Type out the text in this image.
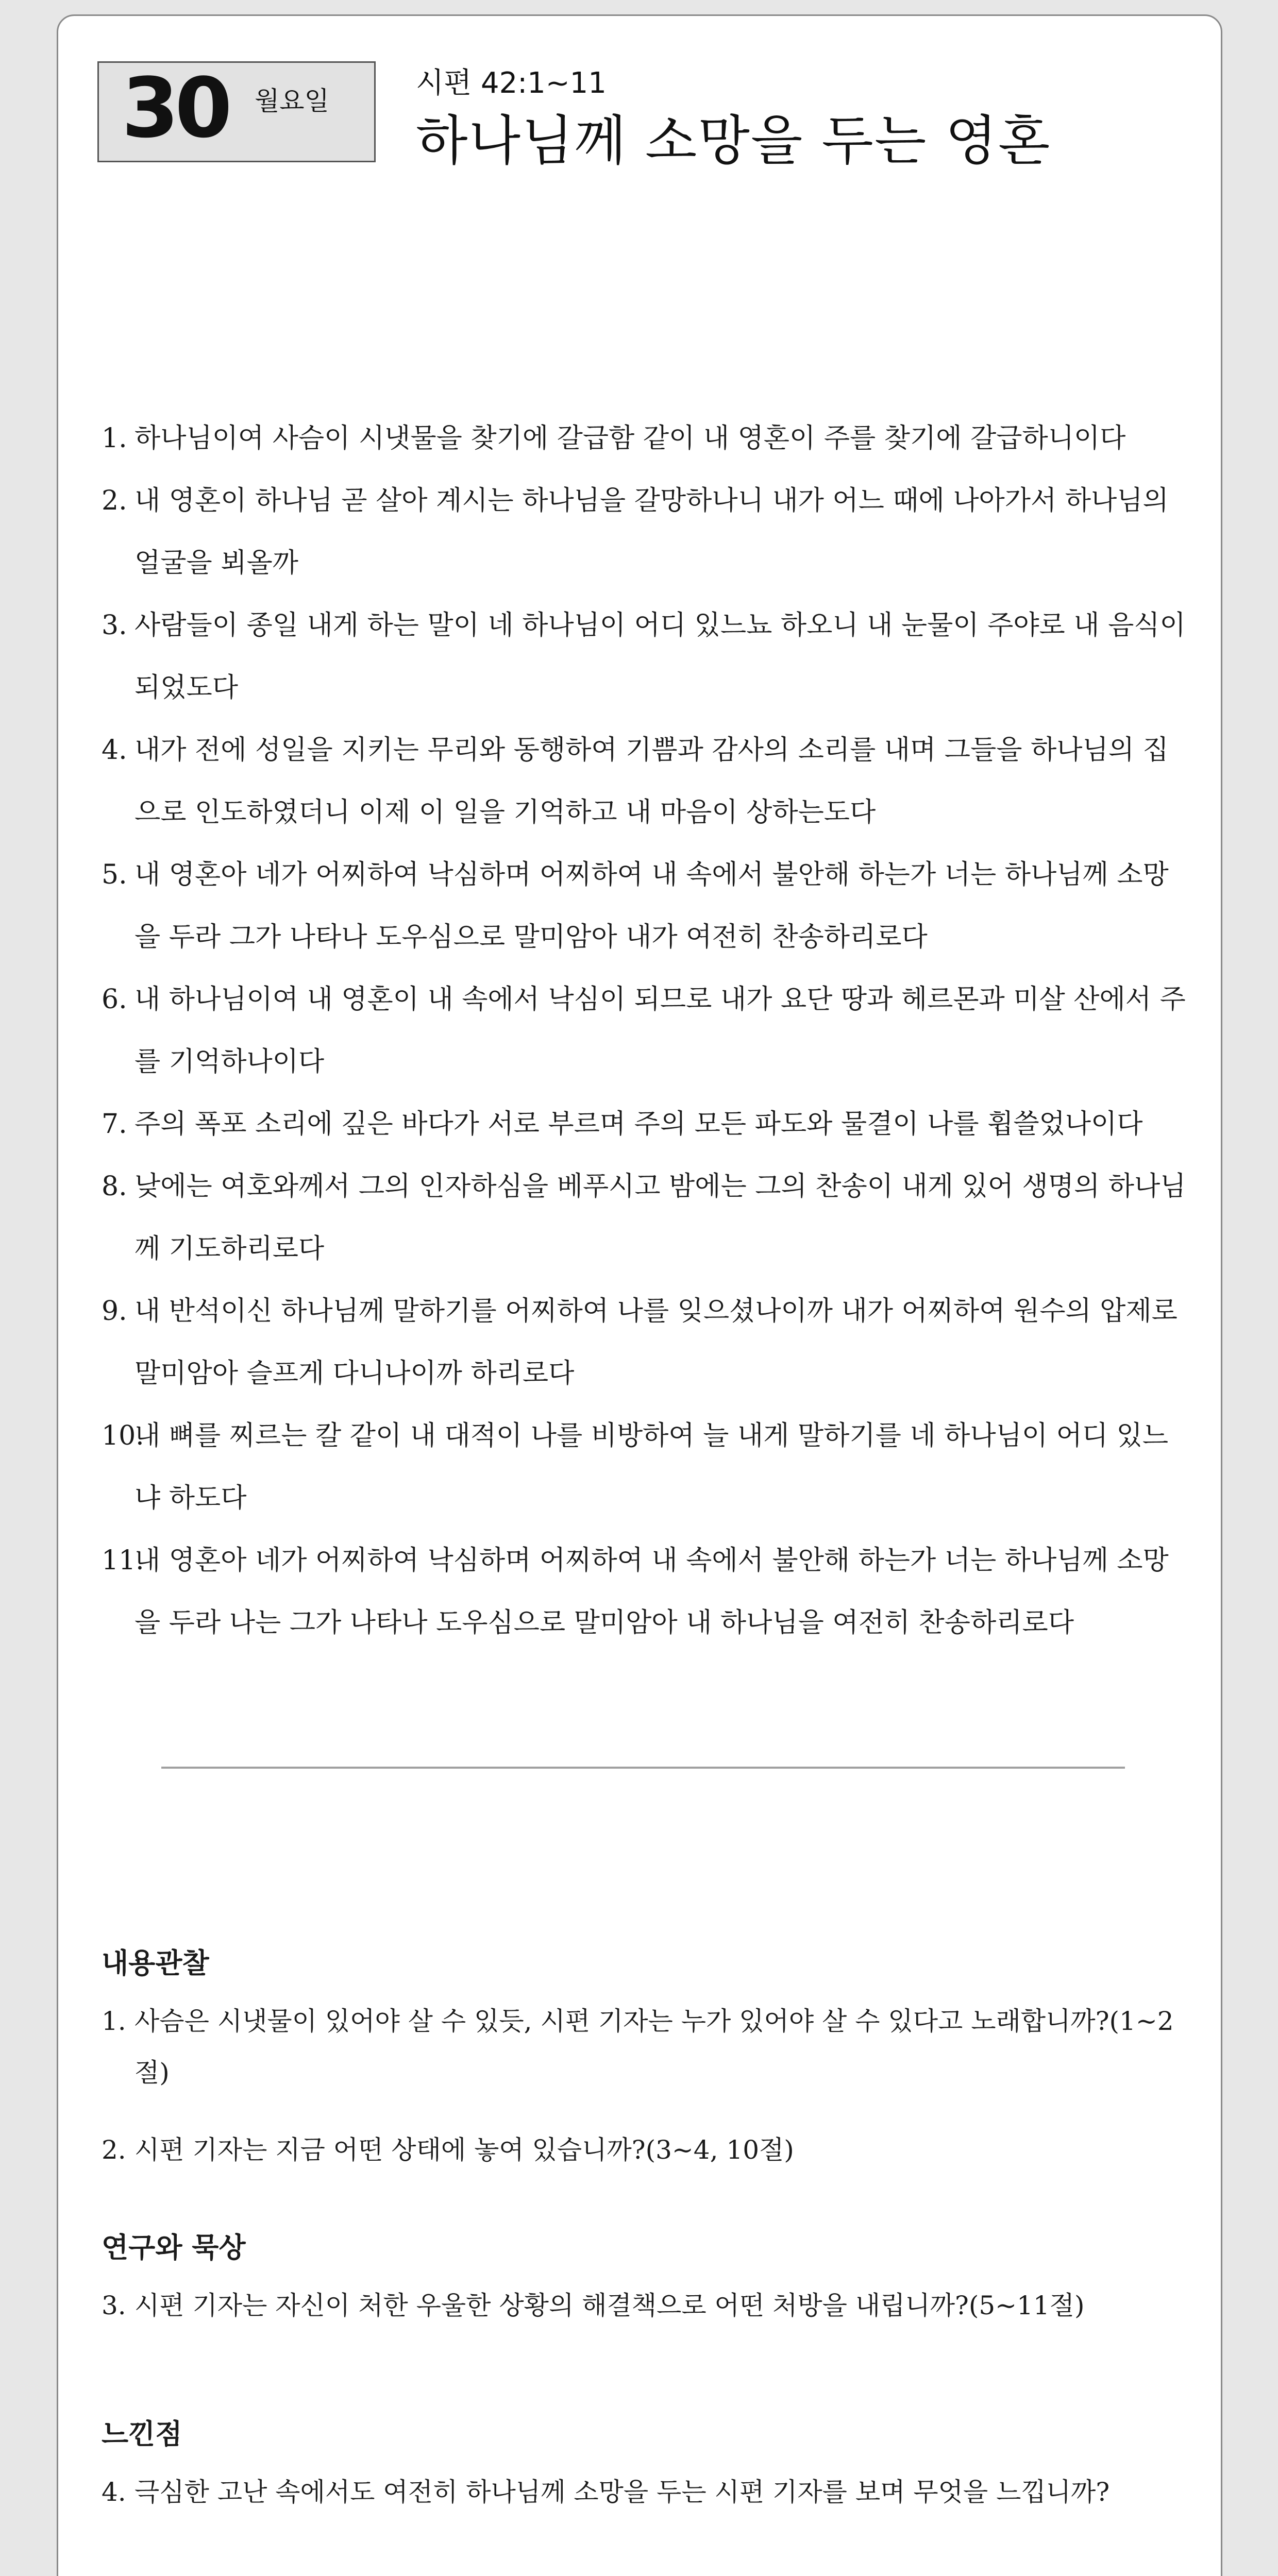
30 월요일
시편 42:1~11
하나님께 소망을 두는 영혼
1. 하나님이여 사슴이 시냇물을 찾기에 갈급함 같이 내 영혼이 주를 찾기에 갈급하니이다
2. 내 영혼이 하나님 곧 살아 계시는 하나님을 갈망하나니 내가 어느 때에 나아가서 하나님의 얼굴을 뵈올까
3. 사람들이 종일 내게 하는 말이 네 하나님이 어디 있느뇨 하오니 내 눈물이 주야로 내 음식이 되었도다
4. 내가 전에 성일을 지키는 무리와 동행하여 기쁨과 감사의 소리를 내며 그들을 하나님의 집으로 인도하였더니 이제 이 일을 기억하고 내 마음이 상하는도다
5. 내 영혼아 네가 어찌하여 낙심하며 어찌하여 내 속에서 불안해 하는가 너는 하나님께 소망을 두라 그가 나타나 도우심으로 말미암아 내가 여전히 찬송하리로다
6. 내 하나님이여 내 영혼이 내 속에서 낙심이 되므로 내가 요단 땅과 헤르몬과 미살 산에서 주를 기억하나이다
7. 주의 폭포 소리에 깊은 바다가 서로 부르며 주의 모든 파도와 물결이 나를 휩쓸었나이다
8. 낮에는 여호와께서 그의 인자하심을 베푸시고 밤에는 그의 찬송이 내게 있어 생명의 하나님께 기도하리로다
9. 내 반석이신 하나님께 말하기를 어찌하여 나를 잊으셨나이까 내가 어찌하여 원수의 압제로 말미암아 슬프게 다니나이까 하리로다
10.
내 뼈를 찌르는 칼 같이 내 대적이 나를 비방하여 늘 내게 말하기를 네 하나님이 어디 있느냐 하도다
11.
내 영혼아 네가 어찌하여 낙심하며 어찌하여 내 속에서 불안해 하는가 너는 하나님께 소망을 두라 나는 그가 나타나 도우심으로 말미암아 내 하나님을 여전히 찬송하리로다
내용관찰
1. 사슴은 시냇물이 있어야 살 수 있듯, 시편 기자는 누가 있어야 살 수 있다고 노래합니까?(1~2절)
2. 시편 기자는 지금 어떤 상태에 놓여 있습니까?(3~4, 10절)
연구와 묵상
3. 시편 기자는 자신이 처한 우울한 상황의 해결책으로 어떤 처방을 내립니까?(5~11절)
느낀점
4. 극심한 고난 속에서도 여전히 하나님께 소망을 두는 시편 기자를 보며 무엇을 느낍니까?
